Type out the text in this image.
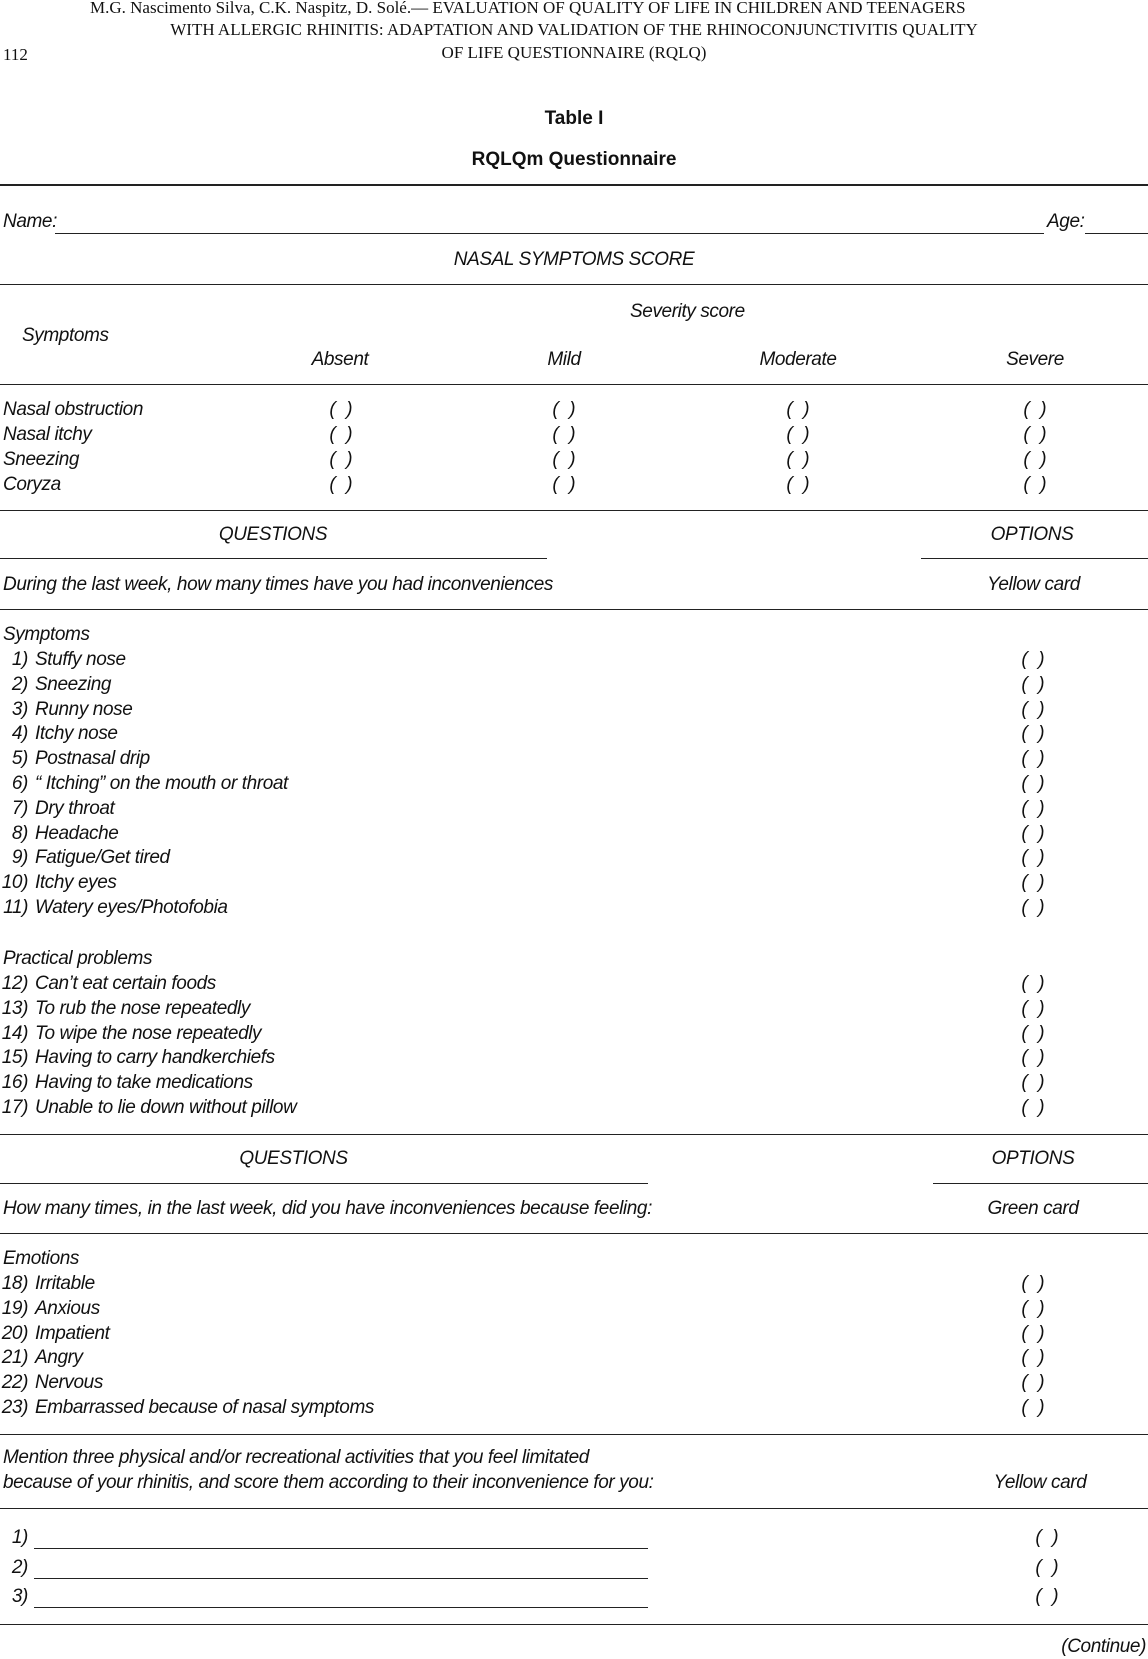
M.G. Nascimento Silva, C.K. Naspitz, D. Solé.— EVALUATION OF QUALITY OF LIFE IN CHILDREN AND TEENAGERS
WITH ALLERGIC RHINITIS: ADAPTATION AND VALIDATION OF THE RHINOCONJUNCTIVITIS QUALITY
112	OF LIFE QUESTIONNAIRE (RQLQ)
Table I
RQLQm Questionnaire
Name:	Age:
NASAL SYMPTOMS SCORE
Symptoms
Severity score
Absent	Mild	Moderate	Severe
Nasal obstruction	(  )	(  )	(  )	(  )
Nasal itchy	(  )	(  )	(  )	(  )
Sneezing	(  )	(  )	(  )	(  )
Coryza	(  )	(  )	(  )	(  )
QUESTIONS	OPTIONS
During the last week, how many times have you had inconveniences	Yellow card
Symptoms
1) Stuffy nose	(  )
2) Sneezing	(  )
3) Runny nose	(  )
4) Itchy nose	(  )
5) Postnasal drip	(  )
6) “ Itching” on the mouth or throat	(  )
7) Dry throat	(  )
8) Headache	(  )
9) Fatigue/Get tired	(  )
10) Itchy eyes	(  )
11) Watery eyes/Photofobia	(  )
Practical problems
12) Can’t eat certain foods	(  )
13) To rub the nose repeatedly	(  )
14) To wipe the nose repeatedly	(  )
15) Having to carry handkerchiefs	(  )
16) Having to take medications	(  )
17) Unable to lie down without pillow	(  )
QUESTIONS	OPTIONS
How many times, in the last week, did you have inconveniences because feeling:	Green card
Emotions
18) Irritable	(  )
19) Anxious	(  )
20) Impatient	(  )
21) Angry	(  )
22) Nervous	(  )
23) Embarrassed because of nasal symptoms	(  )
Mention three physical and/or recreational activities that you feel limitated
because of your rhinitis, and score them according to their inconvenience for you:	Yellow card
1)	(  )
2)	(  )
3)	(  )
(Continue)
